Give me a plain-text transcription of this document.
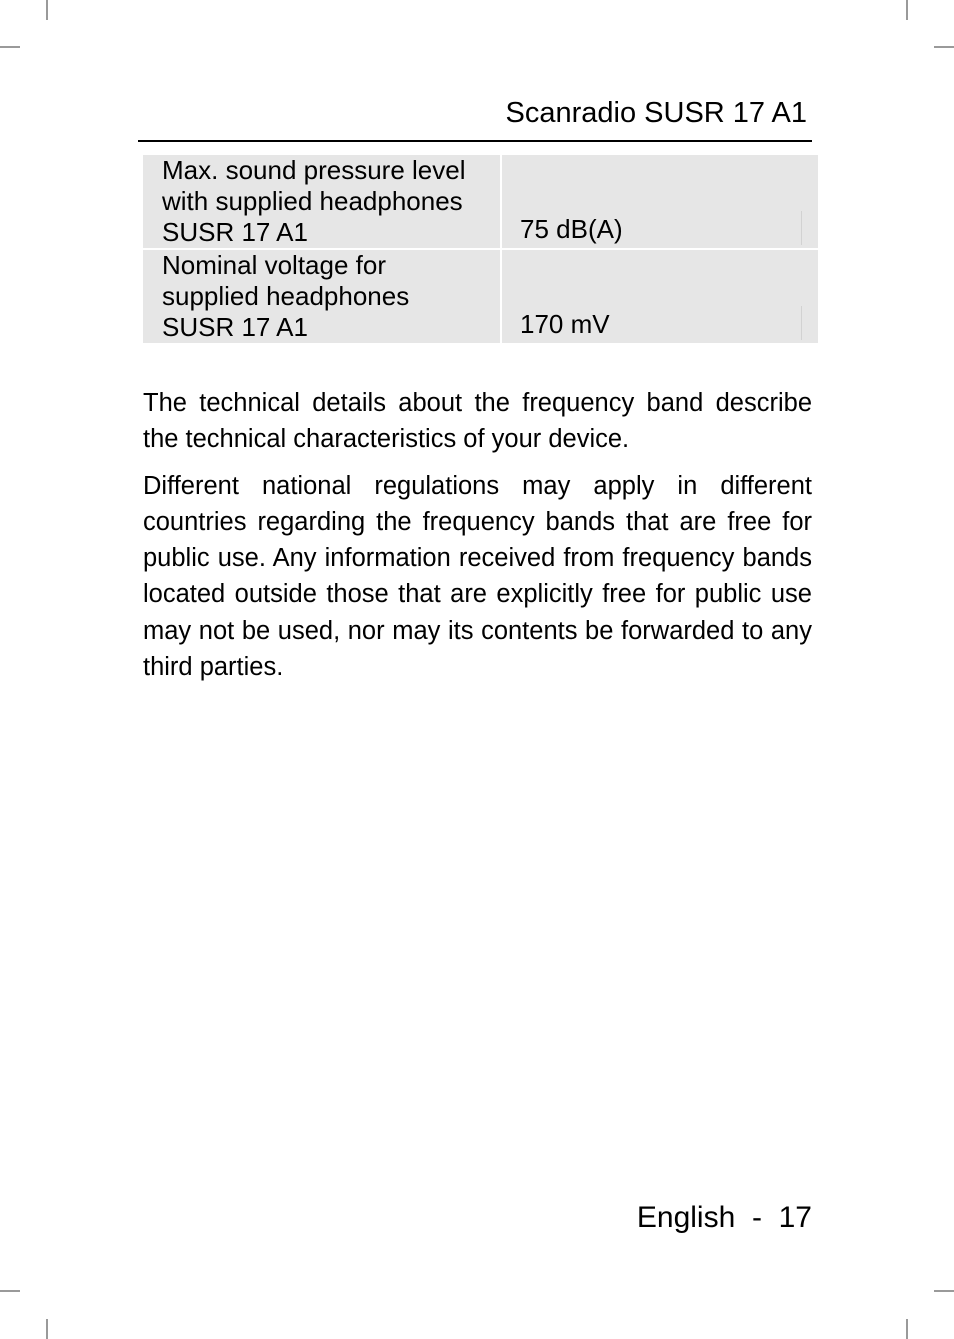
Scanradio SUSR 17 A1
Max. sound pressure level
with supplied headphones
SUSR 17 A1	75 dB(A)
Nominal voltage for
supplied headphones
SUSR 17 A1	170 mV

The technical details about the frequency band describe the technical characteristics of your device.

Different national regulations may apply in different countries regarding the frequency bands that are free for public use. Any information received from frequency bands located outside those that are explicitly free for public use may not be used, nor may its contents be forwarded to any third parties.

English - 17
